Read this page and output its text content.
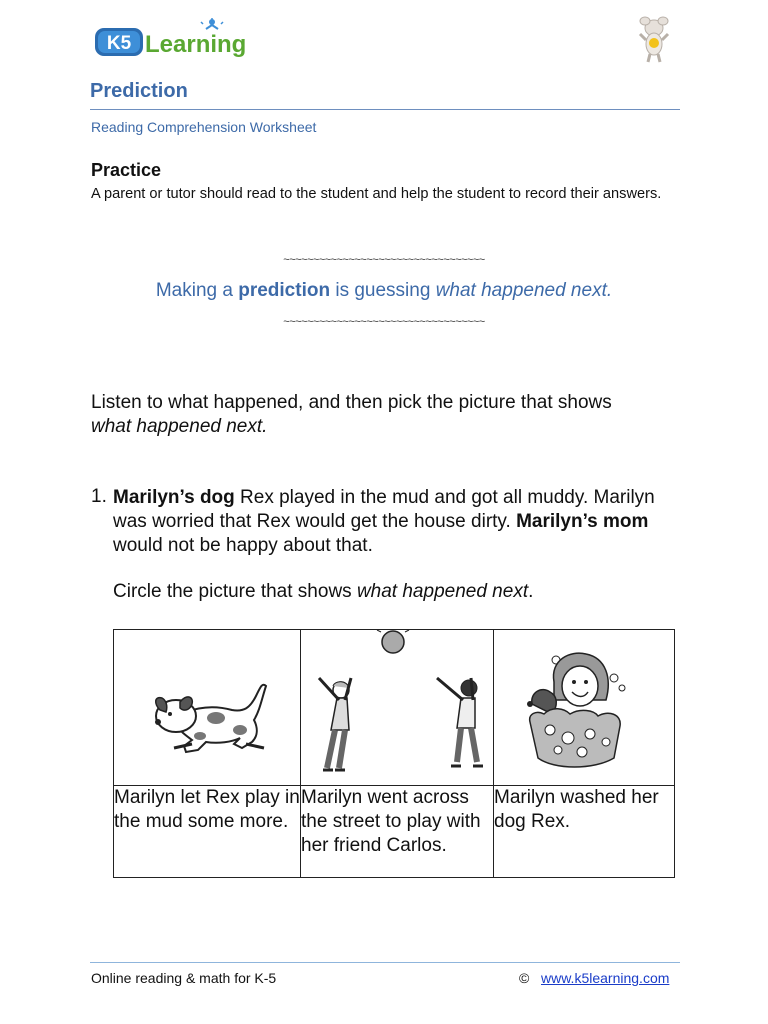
K5 Learning
Prediction
Reading Comprehension Worksheet
Practice
A parent or tutor should read to the student and help the student to record their answers.
~~~~~~~~~~~~~~~~~~~~~~~~~~~~~~~~~~
Making a prediction is guessing what happened next.
~~~~~~~~~~~~~~~~~~~~~~~~~~~~~~~~~~
Listen to what happened, and then pick the picture that shows
what happened next.
1. Marilyn’s dog Rex played in the mud and got all muddy. Marilyn was worried that Rex would get the house dirty. Marilyn’s mom would not be happy about that.
Circle the picture that shows what happened next.

Marilyn let Rex play in the mud some more.	Marilyn went across the street to play with her friend Carlos.	Marilyn washed her dog Rex.
Online reading & math for K-5	© www.k5learning.com
